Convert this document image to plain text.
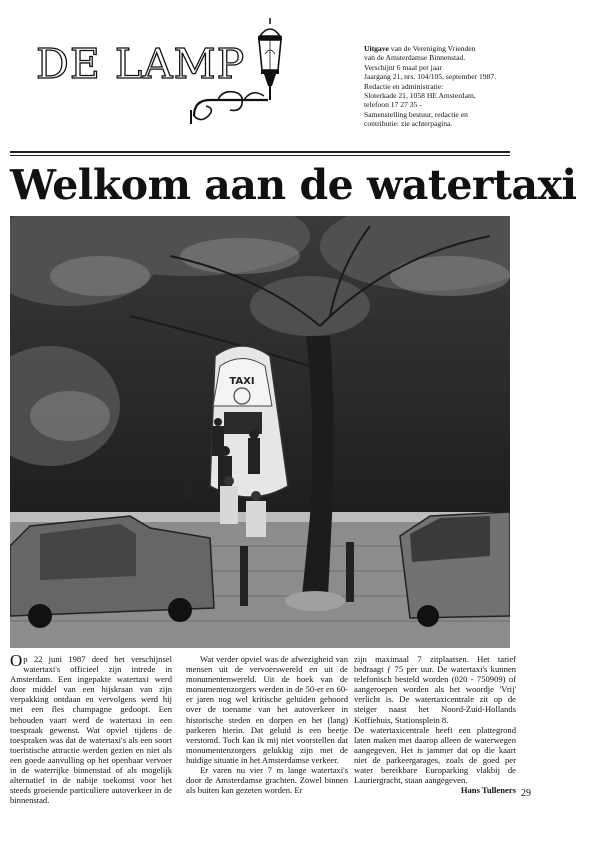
DE LAMP	Uitgave van de Vereniging Vrienden
van de Amsterdamse Binnenstad.
Verschijnt 6 maal per jaar
Jaargang 21, nrs. 104/105, september 1987.
Redactie en administratie:
Sloterkade 21, 1058 HE Amsterdam,
telefoon 17 27 35 -
Samenstelling bestuur, redactie en
contributie: zie achterpagina.
Welkom aan de watertaxi
TAXI

Op 22 juni 1987 deed het verschijnsel watertaxi's officieel zijn intrede in Amsterdam. Een ingepakte watertaxi werd door middel van een hijskraan van zijn verpakking ontdaan en vervolgens werd hij met een fles champagne gedoopt. Een behouden vaart werd de watertaxi in een toespraak gewenst. Wat opviel tijdens de toespraken was dat de watertaxi's als een soort toeristische attractie werden gezien en niet als een goede aanvulling op het openbaar vervoer in de waterrijke binnenstad of als mogelijk alternatief in de nabije toekomst voor het steeds groeiende particuliere autoverkeer in de binnenstad.

Wat verder opviel was de afwezigheid van mensen uit de vervoerswereld en uit de monumentenwereld. Uit de hoek van de monumentenzorgers werden in de 50-er en 60-er jaren nog wel kritische geluiden gehoord over de toename van het autoverkeer in historische steden en dorpen en het (lang) parkeren hierin. Dat geluid is een beetje verstomd. Toch kan ik mij niet voorstellen dat monumentenzorgers gelukkig zijn met de huidige situatie in het Amsterdamse verkeer.

Er varen nu vier 7 m lange watertaxi's door de Amsterdamse grachten. Zowel binnen als buiten kan gezeten worden. Er

zijn maximaal 7 zitplaatsen. Het tarief bedraagt ƒ 75 per uur. De watertaxi's kunnen telefonisch besteld worden (020 - 750909) of aangeroepen worden als het woordje 'Vrij' verlicht is. De watertaxicentrale zit op de steiger naast het Noord-Zuid-Hollands Koffiehuis, Stationsplein 8.

De watertaxicentrale heeft een plattegrond laten maken met daarop alleen de waterwegen aangegeven. Het is jammer dat op die kaart niet de parkeergarages, zoals de goed per water bereikbare Europarking vlakbij de Lauriergracht, staan aangegeven.

Hans Tulleners 29
